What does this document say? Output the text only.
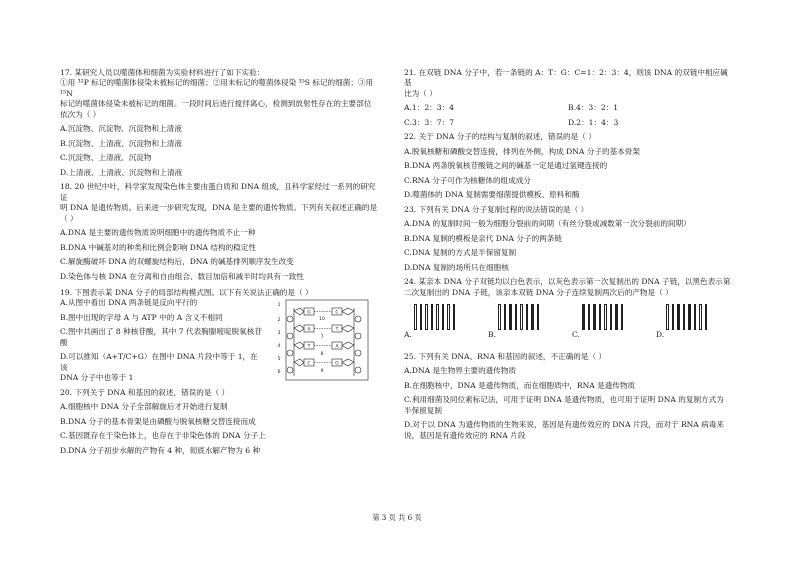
17. 某研究人员以噬菌体和细菌为实验材料进行了如下实验：

①用 ³²P 标记的噬菌体侵染未被标记的细菌；②用未标记的噬菌体侵染 ³⁵S 标记的细菌；③用 ¹⁵N

标记的噬菌体侵染未被标记的细菌。一段时间后进行搅拌离心，检测到放射性存在的主要部位

依次为（ ）

A.沉淀物、沉淀物、沉淀物和上清液

B.沉淀物、上清液、沉淀物和上清液

C.沉淀物、上清液、沉淀物

D.上清液、上清液、沉淀物和上清液

18. 20 世纪中叶，科学家发现染色体主要由蛋白质和 DNA 组成，且科学家经过一系列的研究证

明 DNA 是遗传物质。后来进一步研究发现，DNA 是主要的遗传物质。下列有关叙述正确的是

（ ）

A.DNA 是主要的遗传物质说明细胞中的遗传物质不止一种

B.DNA 中碱基对的种类和比例会影响 DNA 结构的稳定性

C.解旋酶破坏 DNA 的双螺旋结构后，DNA 的碱基排列顺序发生改变

D.染色体与核 DNA 在分离和自由组合、数目加倍和减半时均具有一致性

19. 下图表示某 DNA 分子的局部结构模式图。以下有关说法正确的是（ ）

A.从图中看出 DNA 两条链是反向平行的

B.图中出现的字母 A 与 ATP 中的 A 含义不相同

C.图中共画出了 8 种核苷酸，其中 7 代表胸腺嘧啶脱氧核苷

酸

D.可以推知（A+T/C+G）在图中 DNA 片段中等于 1，在该

DNA 分子中也等于 1

G
A
T
C
C
T
A
G
1
2
3
4
5
6
7
8
9
10

20. 下列关于 DNA 和基因的叙述，错误的是（ ）

A.细胞核中 DNA 分子全部解旋后才开始进行复制

B.DNA 分子的基本骨架是由磷酸与脱氧核糖交替连接而成

C.基因既存在于染色体上，也存在于非染色体的 DNA 分子上

D.DNA 分子初步水解的产物有 4 种，彻底水解产物为 6 种

21. 在双链 DNA 分子中，若一条链的 A：T：G：C=1：2：3：4，则该 DNA 的双链中相应碱基

比为（ ）

A.1：2：3：4	B.4：3：2：1

C.3：3：7：7	D.2：1：4：3

22. 关于 DNA 分子的结构与复制的叙述，错误的是（ ）

A.脱氧核糖和磷酸交替连接，排列在外侧，构成 DNA 分子的基本骨架

B.DNA 两条脱氧核苷酸链之间的碱基一定是通过氢键连接的

C.RNA 分子可作为核糖体的组成成分

D.噬菌体的 DNA 复制需要细菌提供模板、原料和酶

23. 下列有关 DNA 分子复制过程的说法错误的是（ ）

A.DNA 的复制时间一般为细胞分裂前的间期（有丝分裂或减数第一次分裂前的间期）

B.DNA 复制的模板是亲代 DNA 分子的两条链

C.DNA 复制的方式是半保留复制

D.DNA 复制的场所只在细胞核

24. 某亲本 DNA 分子双链均以白色表示，以灰色表示第一次复制出的 DNA 子链，以黑色表示第

二次复制出的 DNA 子链，该亲本双链 DNA 分子连续复制两次后的产物是（ ）

A.	B.	C.	D.

25. 下列有关 DNA、RNA 和基因的叙述，不正确的是（ ）

A.DNA 是生物界主要的遗传物质

B.在细胞核中，DNA 是遗传物质，而在细胞质中，RNA 是遗传物质

C.利用细菌及同位素标记法，可用于证明 DNA 是遗传物质，也可用于证明 DNA 的复制方式为

半保留复制

D.对于以 DNA 为遗传物质的生物来说，基因是有遗传效应的 DNA 片段，而对于 RNA 病毒来

说，基因是有遗传效应的 RNA 片段

第 3 页 共 6 页
